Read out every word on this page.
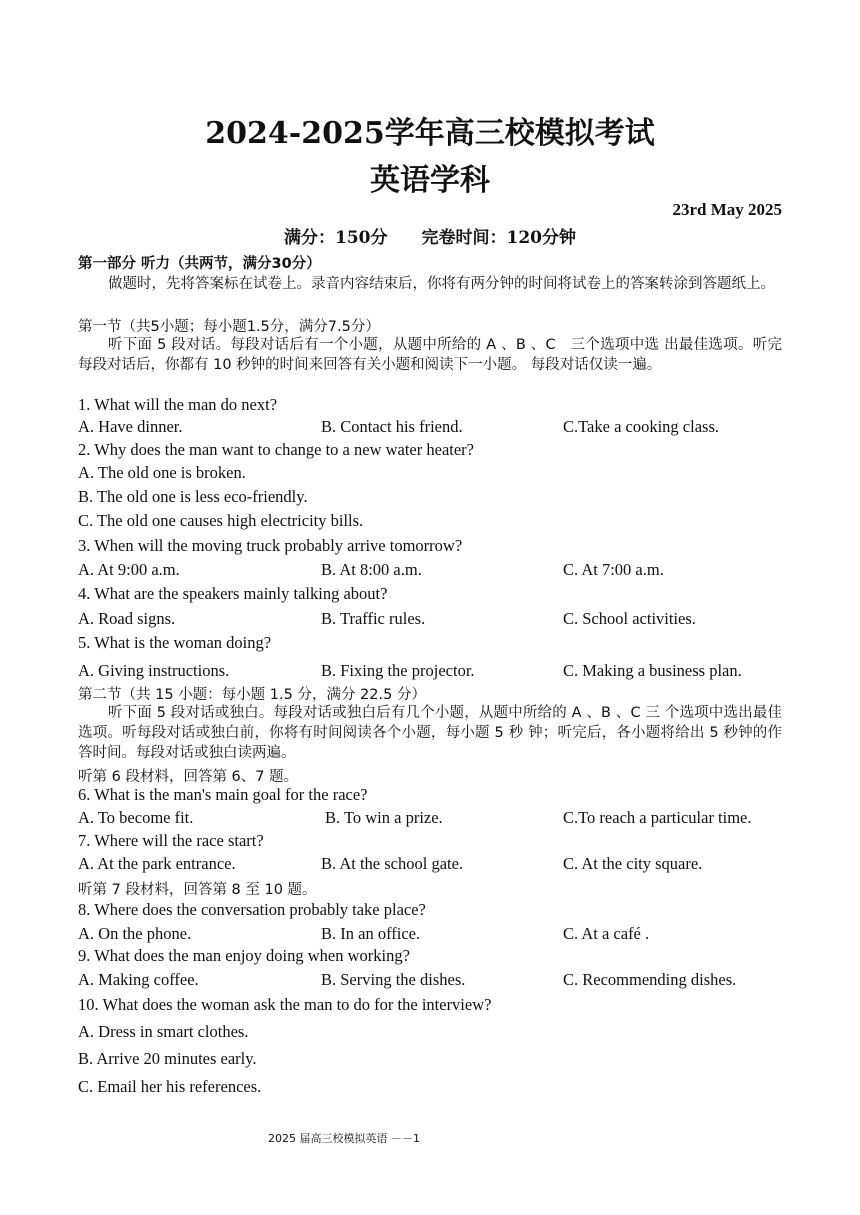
2024-2025学年高三校模拟考试
英语学科
23rd May 2025
满分：150分　　完卷时间：120分钟
第一部分 听力（共两节，满分30分）
做题时，先将答案标在试卷上。录音内容结束后，你将有两分钟的时间将试卷上的答案转涂到答题纸上。
第一节（共5小题；每小题1.5分，满分7.5分）
听下面 5 段对话。每段对话后有一个小题，从题中所给的 A 、B 、C　三个选项中选 出最佳选项。听完每段对话后，你都有 10 秒钟的时间来回答有关小题和阅读下一小题。 每段对话仅读一遍。
1. What will the man do next?
A. Have dinner.	B. Contact his friend.	C.Take a cooking class.
2. Why does the man want to change to a new water heater?
A. The old one is broken.
B. The old one is less eco-friendly.
C. The old one causes high electricity bills.
3. When will the moving truck probably arrive tomorrow?
A. At 9:00 a.m.	B. At 8:00 a.m.	C. At 7:00 a.m.
4. What are the speakers mainly talking about?
A. Road signs.	B. Traffic rules.	C. School activities.
5. What is the woman doing?
A. Giving instructions.	B. Fixing the projector.	C. Making a business plan.
第二节（共 15 小题：每小题 1.5 分，满分 22.5 分）
听下面 5 段对话或独白。每段对话或独白后有几个小题，从题中所给的 A 、B 、C 三 个选项中选出最佳选项。听每段对话或独白前，你将有时间阅读各个小题，每小题 5 秒 钟；听完后，各小题将给出 5 秒钟的作答时间。每段对话或独白读两遍。
听第 6 段材料，回答第 6、7 题。
6. What is the man's main goal for the race?
A. To become fit.	B. To win a prize.	C.To reach a particular time.
7. Where will the race start?
A. At the park entrance.	B. At the school gate.	C. At the city square.
听第 7 段材料，回答第 8 至 10 题。
8. Where does the conversation probably take place?
A. On the phone.	B. In an office.	C. At a café .
9. What does the man enjoy doing when working?
A. Making coffee.	B. Serving the dishes.	C. Recommending dishes.
10. What does the woman ask the man to do for the interview?
A. Dress in smart clothes.
B. Arrive 20 minutes early.
C. Email her his references.
2025 届高三校模拟英语 －－1
